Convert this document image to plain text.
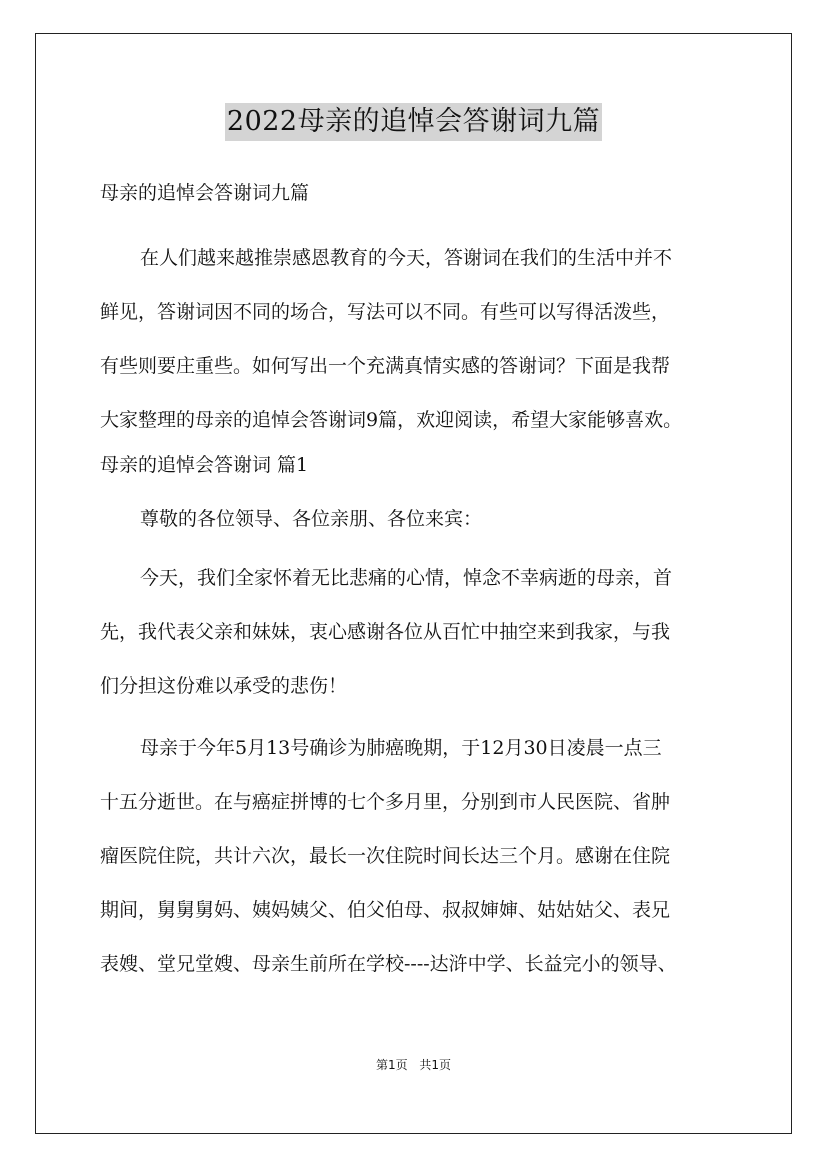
2022母亲的追悼会答谢词九篇

母亲的追悼会答谢词九篇

在人们越来越推崇感恩教育的今天，答谢词在我们的生活中并不
鲜见，答谢词因不同的场合，写法可以不同。有些可以写得活泼些，
有些则要庄重些。如何写出一个充满真情实感的答谢词？下面是我帮
大家整理的母亲的追悼会答谢词9篇，欢迎阅读，希望大家能够喜欢。

母亲的追悼会答谢词 篇1

尊敬的各位领导、各位亲朋、各位来宾：

今天，我们全家怀着无比悲痛的心情，悼念不幸病逝的母亲，首
先，我代表父亲和妹妹，衷心感谢各位从百忙中抽空来到我家，与我
们分担这份难以承受的悲伤！

母亲于今年5月13号确诊为肺癌晚期，于12月30日凌晨一点三
十五分逝世。在与癌症拼博的七个多月里，分别到市人民医院、省肿
瘤医院住院，共计六次，最长一次住院时间长达三个月。感谢在住院
期间，舅舅舅妈、姨妈姨父、伯父伯母、叔叔婶婶、姑姑姑父、表兄
表嫂、堂兄堂嫂、母亲生前所在学校----达浒中学、长益完小的领导、

第1页 共1页
